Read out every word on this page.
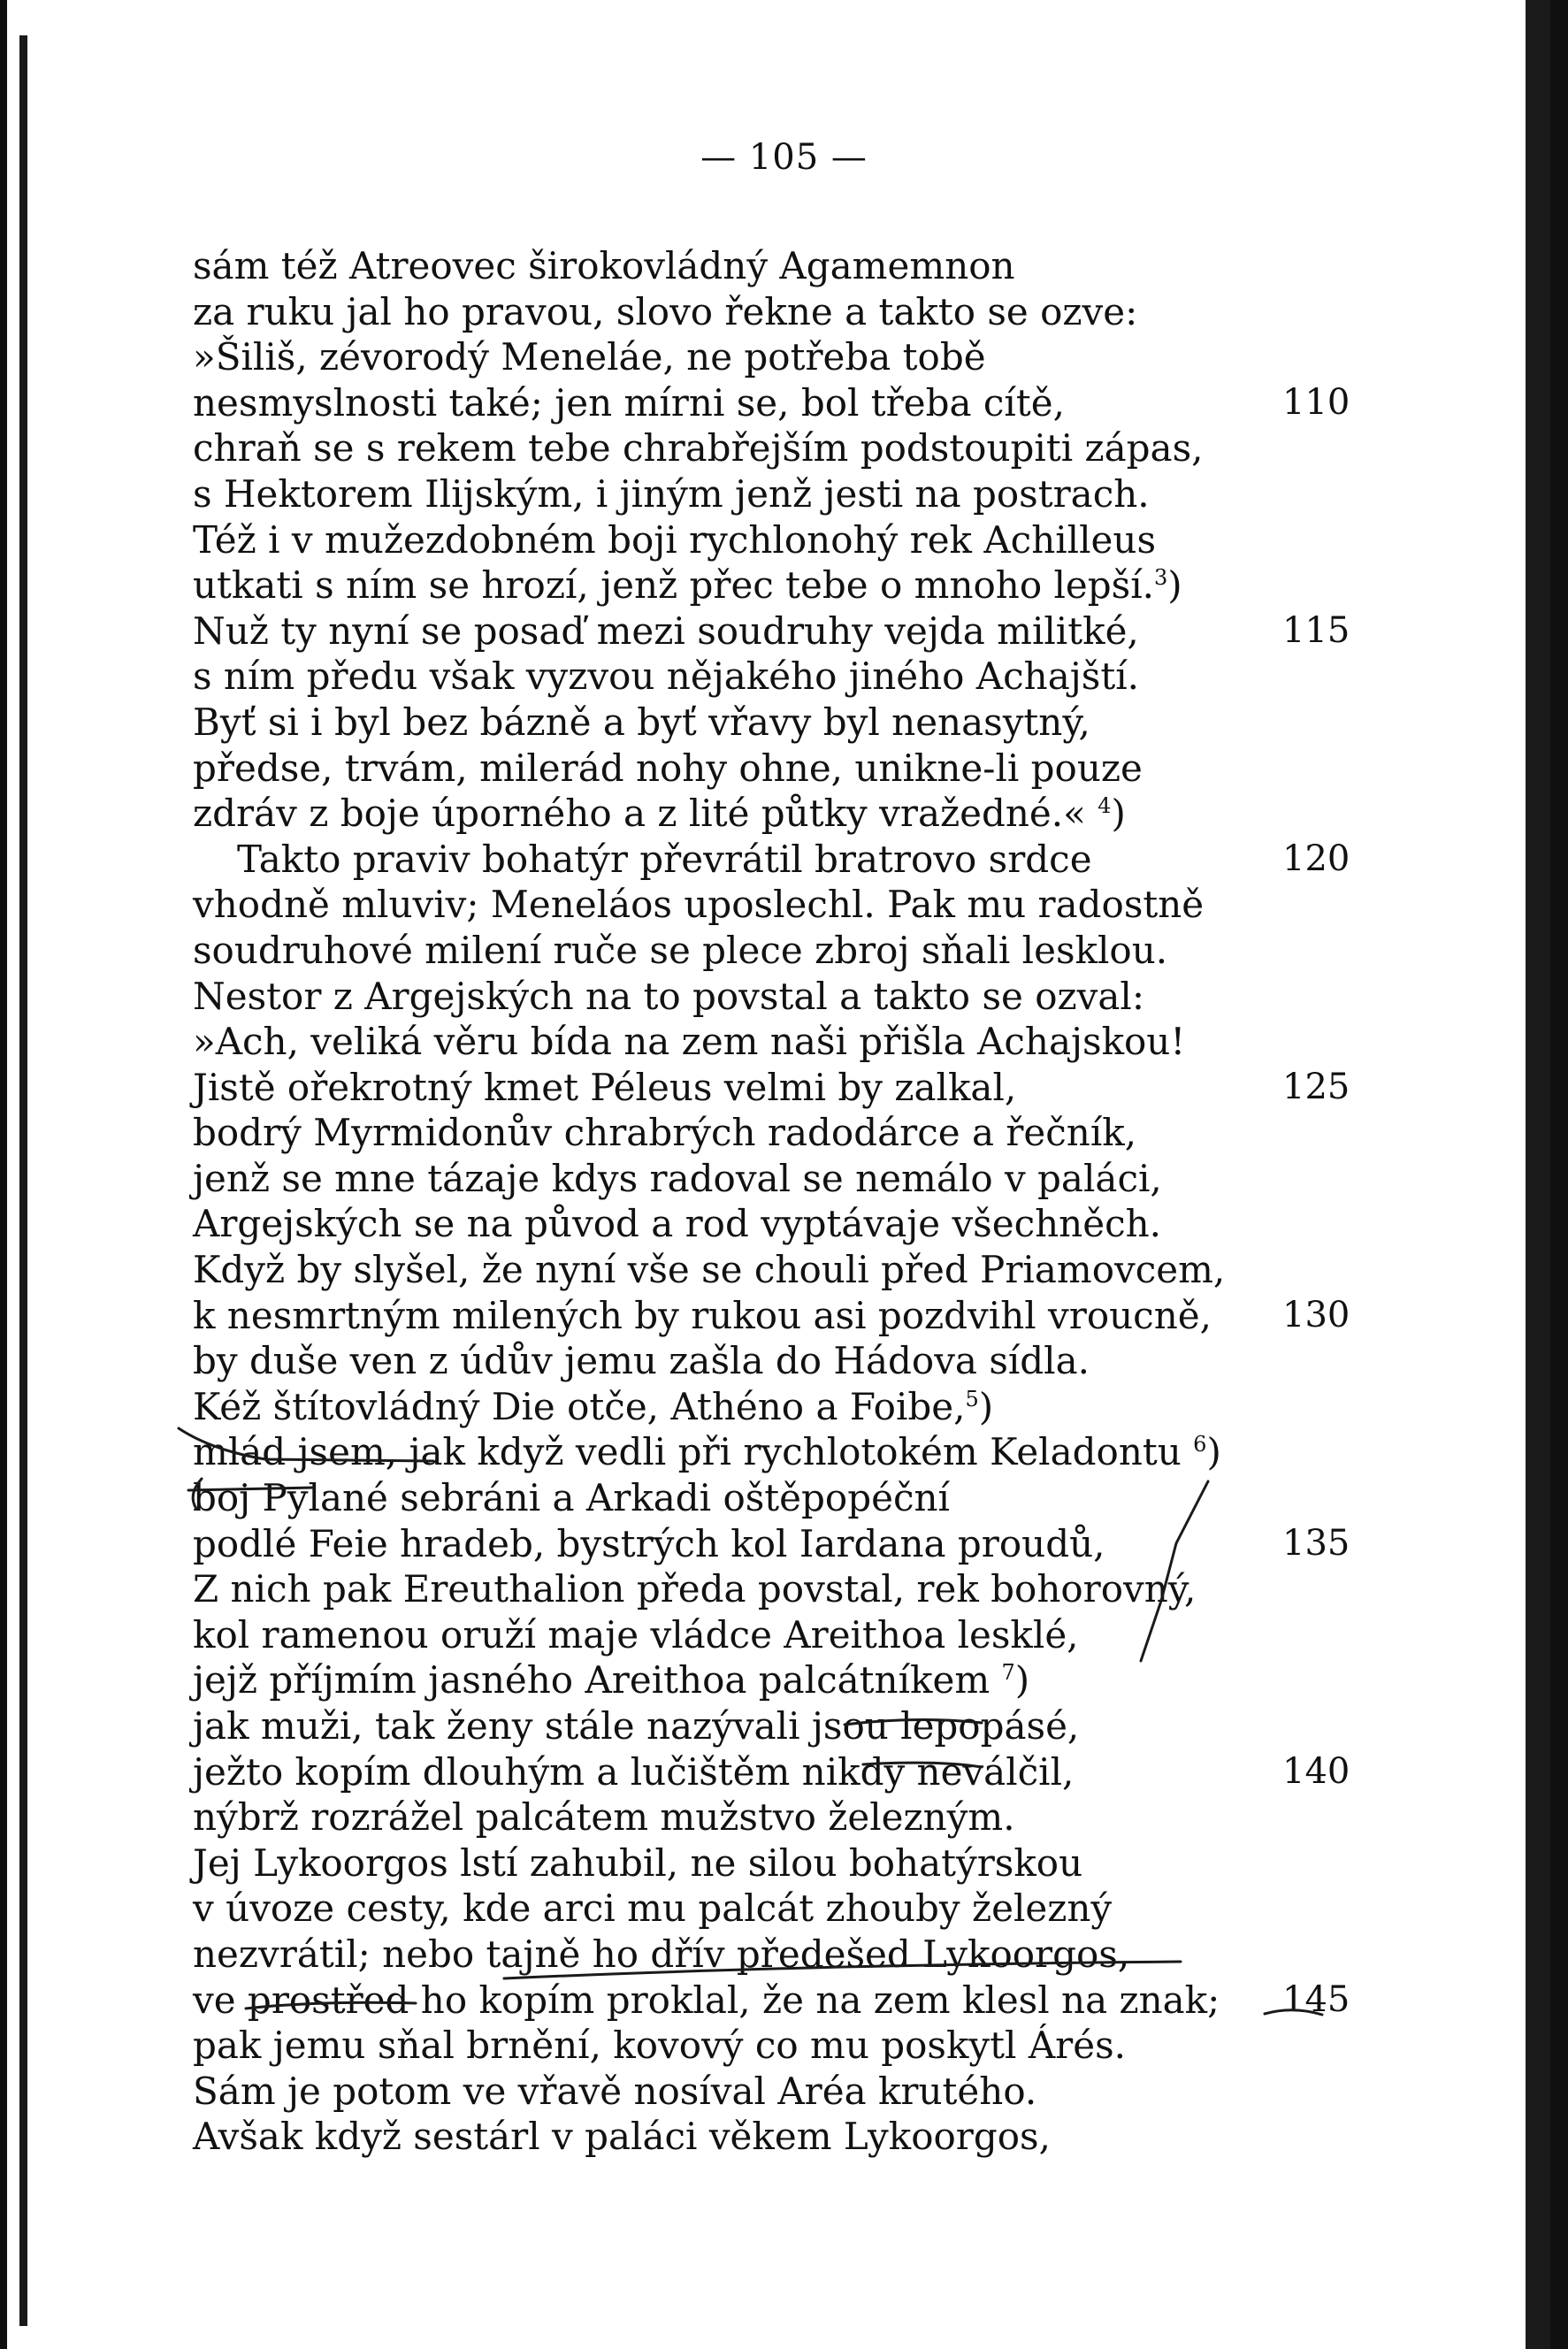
— 105 —
sám též Atreovec širokovládný Agamemnon
za ruku jal ho pravou, slovo řekne a takto se ozve:
»Šiliš, zévorodý Meneláe, ne potřeba tobě
nesmyslnosti také; jen mírni se, bol třeba cítě,	110
chraň se s rekem tebe chrabřejším podstoupiti zápas,
s Hektorem Ilijským, i jiným jenž jesti na postrach.
Též i v mužezdobném boji rychlonohý rek Achilleus
utkati s ním se hrozí, jenž přec tebe o mnoho lepší.$^3$)
Nuž ty nyní se posaď mezi soudruhy vejda militké,	115
s ním předu však vyzvou nějakého jiného Achajští.
Byť si i byl bez bázně a byť vřavy byl nenasytný,
předse, trvám, milerád nohy ohne, unikne-li pouze
zdráv z boje úporného a z lité půtky vražedné.« $^4$)
Takto praviv bohatýr převrátil bratrovo srdce	120
vhodně mluviv; Meneláos uposlechl. Pak mu radostně
soudruhové milení ruče se plece zbroj sňali lesklou.
Nestor z Argejských na to povstal a takto se ozval:
»Ach, veliká věru bída na zem naši přišla Achajskou!
Jistě ořekrotný kmet Péleus velmi by zalkal,	125
bodrý Myrmidonův chrabrých radodárce a řečník,
jenž se mne tázaje kdys radoval se nemálo v paláci,
Argejských se na původ a rod vyptávaje všechněch.
Když by slyšel, že nyní vše se chouli před Priamovcem,
k nesmrtným milených by rukou asi pozdvihl vroucně, 130
by duše ven z údův jemu zašla do Hádova sídla.
Kéž štítovládný Die otče, Athéno a Foibe,$^5$)
mlád jsem, jak když vedli při rychlotokém Keladontu $^6$)
boj Pylané sebráni a Arkadi oštěpopéční
podlé Feie hradeb, bystrých kol Iardana proudů,	135
Z nich pak Ereuthalion předa povstal, rek bohorovný,
kol ramenou oruží maje vládce Areithoa lesklé,
jejž příjmím jasného Areithoa palcátníkem $^7$)
jak muži, tak ženy stále nazývali jsou lepopásé,
ježto kopím dlouhým a lučištěm nikdy neválčil,	140
nýbrž rozrážel palcátem mužstvo železným.
Jej Lykoorgos lstí zahubil, ne silou bohatýrskou
v úvoze cesty, kde arci mu palcát zhouby železný
nezvrátil; nebo tajně ho dřív předešed Lykoorgos,
ve prostřed ho kopím proklal, že na zem klesl na znak; 145
pak jemu sňal brnění, kovový co mu poskytl Árés.
Sám je potom ve vřavě nosíval Aréa krutého.
Avšak když sestárl v paláci věkem Lykoorgos,
